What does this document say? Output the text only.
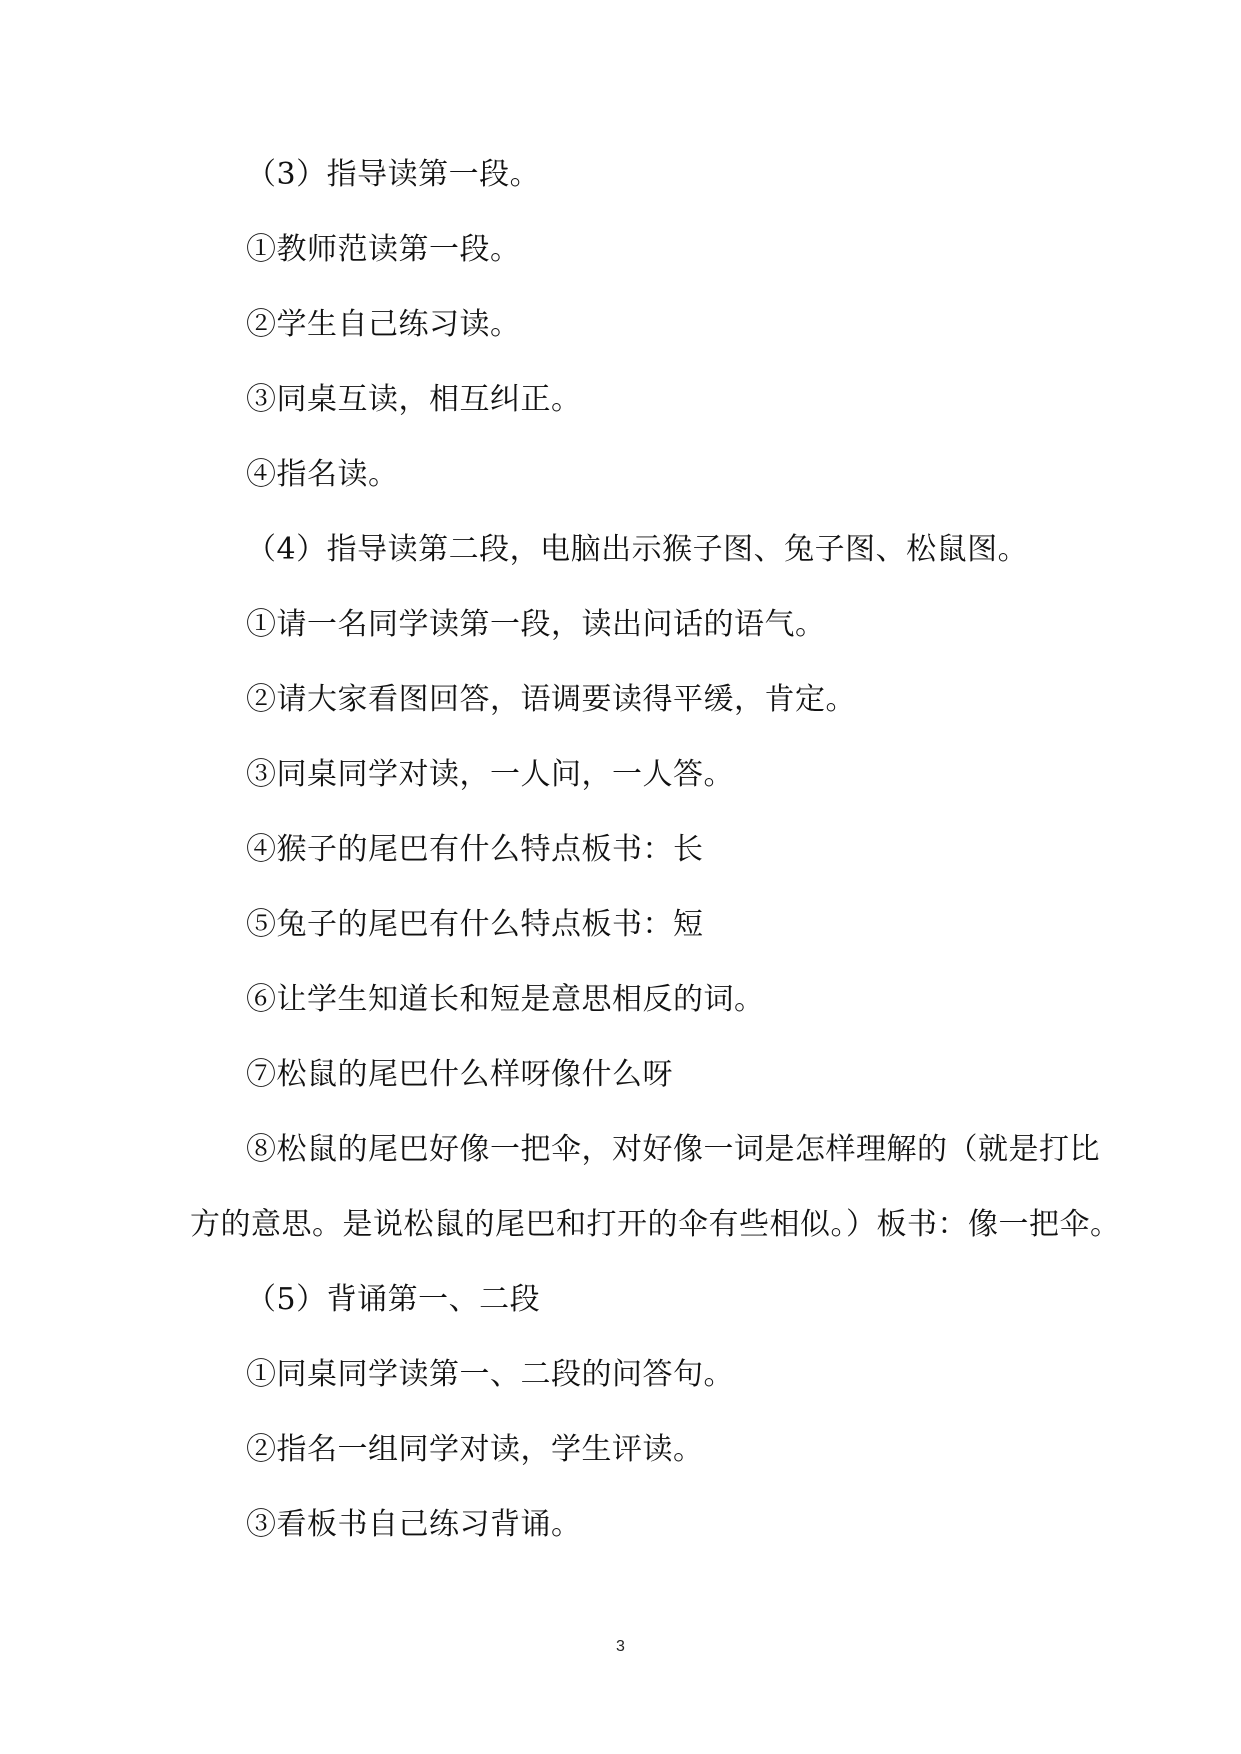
（3）指导读第一段。
①教师范读第一段。
②学生自己练习读。
③同桌互读，相互纠正。
④指名读。
（4）指导读第二段，电脑出示猴子图、兔子图、松鼠图。
①请一名同学读第一段，读出问话的语气。
②请大家看图回答，语调要读得平缓，肯定。
③同桌同学对读，一人问，一人答。
④猴子的尾巴有什么特点板书：长
⑤兔子的尾巴有什么特点板书：短
⑥让学生知道长和短是意思相反的词。
⑦松鼠的尾巴什么样呀像什么呀
⑧松鼠的尾巴好像一把伞，对好像一词是怎样理解的（就是打比
方的意思。是说松鼠的尾巴和打开的伞有些相似。）板书：像一把伞。
（5）背诵第一、二段
①同桌同学读第一、二段的问答句。
②指名一组同学对读，学生评读。
③看板书自己练习背诵。
3
